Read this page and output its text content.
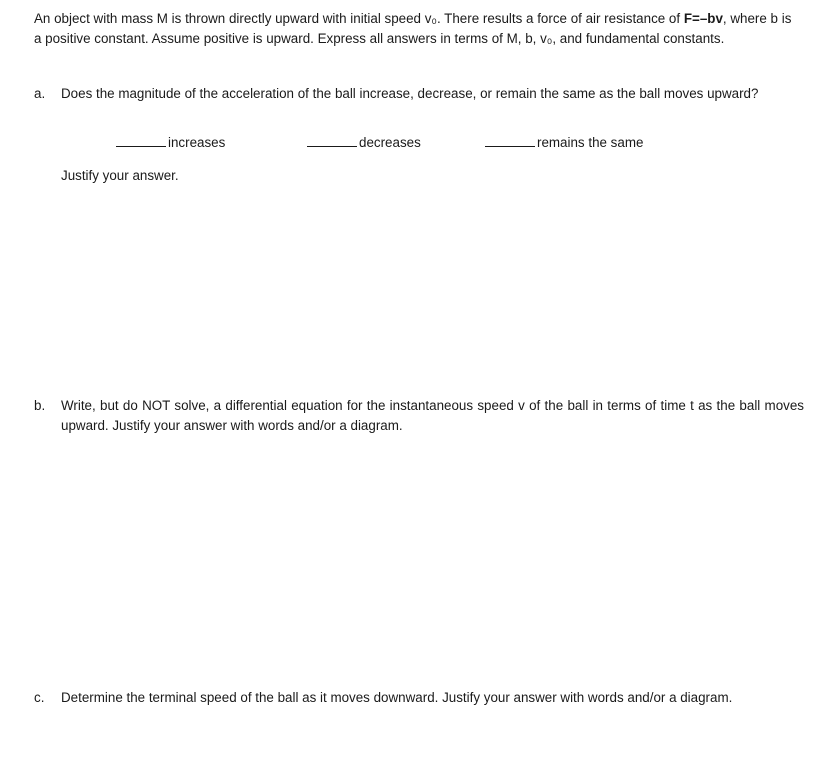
An object with mass M is thrown directly upward with initial speed v₀. There results a force of air resistance of F=–bv, where b is a positive constant. Assume positive is upward. Express all answers in terms of M, b, v₀, and fundamental constants.
a.	Does the magnitude of the acceleration of the ball increase, decrease, or remain the same as the ball moves upward?
increases	decreases	remains the same
Justify your answer.
b.	Write, but do NOT solve, a differential equation for the instantaneous speed v of the ball in terms of time t as the ball moves upward. Justify your answer with words and/or a diagram.
c.	Determine the terminal speed of the ball as it moves downward. Justify your answer with words and/or a diagram.
